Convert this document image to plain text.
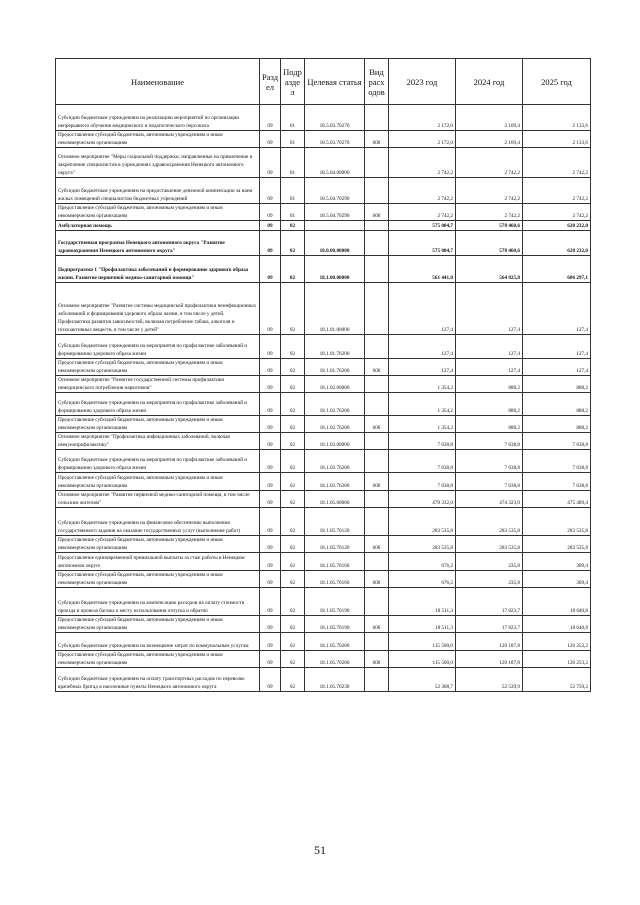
Наименование	Разд ел	Подр азде л	Целевая статья	Вид расх одов	2023 год	2024 год	2025 год
Субсидии бюджетным учреждениям на реализацию мероприятий по организации непрерывного обучения медицинского и педагогического персонала	09	01	18.5.03.70270		2 172,0	2 169,4	2 133,6
Предоставление субсидий бюджетным, автономным учреждениям и иным некоммерческим организациям	09	01	18.5.03.70270	600	2 172,0	2 169,4	2 133,6
Основное мероприятие "Меры социальной поддержки, направленные на привлечение и закрепление специалистов в учреждениях здравоохранения Ненецкого автономного округа"	09	01	18.5.04.00000		2 742,2	2 742,2	2 742,2
Субсидии бюджетным учреждениям на предоставление денежной компенсации за наем жилых помещений специалистам бюджетных учреждений	09	01	18.5.04.70290		2 742,2	2 742,2	2 742,2
Предоставление субсидий бюджетным, автономным учреждениям и иным некоммерческим организациям	09	01	18.5.04.70290	600	2 742,2	2 742,2	2 742,2
Амбулаторная помощь	09	02			575 004,7	578 460,6	620 232,0
Государственная программа Ненецкого автономного округа "Развитие здравоохранения Ненецкого автономного округа"	09	02	18.0.00.00000		575 004,7	578 460,6	620 232,0
Подпрограмма 1 "Профилактика заболеваний и формирование здорового образа жизни. Развитие первичной медико-санитарной помощи"	09	02	18.1.00.00000		561 441,0	564 825,8	606 297,1
Основное мероприятие "Развитие системы медицинской профилактики неинфекционных заболеваний и формирования здорового образа жизни, в том числе у детей. Профилактика развития зависимостей, включая потребление табака, алкоголя и психоактивных веществ, в том числе у детей"	09	02	18.1.01.00000		127,4	127,4	127,4
Субсидии бюджетным учреждениям на мероприятия по профилактике заболеваний и формированию здорового образа жизни	09	02	18.1.01.76200		127,4	127,4	127,4
Предоставление субсидий бюджетным, автономным учреждениям и иным некоммерческим организациям	09	02	18.1.01.76200	600	127,4	127,4	127,4
Основное мероприятие "Развитие государственной системы профилактики немедицинского потребления наркотиков"	09	02	18.1.02.00000		1 354,2	888,2	888,2
Субсидии бюджетным учреждениям на мероприятия по профилактике заболеваний и формированию здорового образа жизни	09	02	18.1.02.76200		1 354,2	888,2	888,2
Предоставление субсидий бюджетным, автономным учреждениям и иным некоммерческим организациям	09	02	18.1.02.76200	600	1 354,2	888,2	888,2
Основное мероприятие "Профилактика инфекционных заболеваний, включая иммунопрофилактику"	09	02	18.1.03.00000		7 638,8	7 638,8	7 638,8
Субсидии бюджетным учреждениям на мероприятия по профилактике заболеваний и формированию здорового образа жизни	09	02	18.1.03.76200		7 638,8	7 638,8	7 638,8
Предоставление субсидий бюджетным, автономным учреждениям и иным некоммерческим организациям	09	02	18.1.03.76200	600	7 638,8	7 638,8	7 638,8
Основное мероприятие "Развитие первичной медико-санитарной помощи, в том числе сельским жителям"	09	02	18.1.05.00000		470 332,0	474 323,0	475 489,4
Субсидии бюджетным учреждениям на финансовое обеспечение выполнения государственного задания на оказание государственных услуг (выполнение работ)	09	02	18.1.05.70120		283 535,8	283 535,8	283 535,8
Предоставление субсидий бюджетным, автономным учреждениям и иным некоммерческим организациям	09	02	18.1.05.70120	600	283 535,8	283 535,8	283 535,8
Предоставление единовременной премиальной выплаты за стаж работы в Ненецком автономном округе	09	02	18.1.05.70160		676,2	235,8	309,4
Предоставление субсидий бюджетным, автономным учреждениям и иным некоммерческим организациям	09	02	18.1.05.70160	600	676,2	235,8	309,4
Субсидии бюджетным учреждениям на компенсацию расходов на оплату стоимости проезда и провоза багажа к месту использования отпуска и обратно	09	02	18.1.05.70190		18 511,3	17 823,7	18 640,8
Предоставление субсидий бюджетным, автономным учреждениям и иным некоммерческим организациям	09	02	18.1.05.70190	600	18 511,3	17 823,7	18 640,8
Субсидии бюджетным учреждениям на возмещение затрат по коммунальным услугам	09	02	18.1.05.70200		115 500,0	120 187,8	120 253,2
Предоставление субсидий бюджетным, автономным учреждениям и иным некоммерческим организациям	09	02	18.1.05.70200	600	115 500,0	120 187,8	120 253,2
Субсидии бюджетным учреждениям на оплату транспортных расходов по перевозке врачебных бригад в населенные пункты Ненецкого автономного округа	09	02	18.1.05.76230		52 308,7	52 539,9	52 750,2
51
